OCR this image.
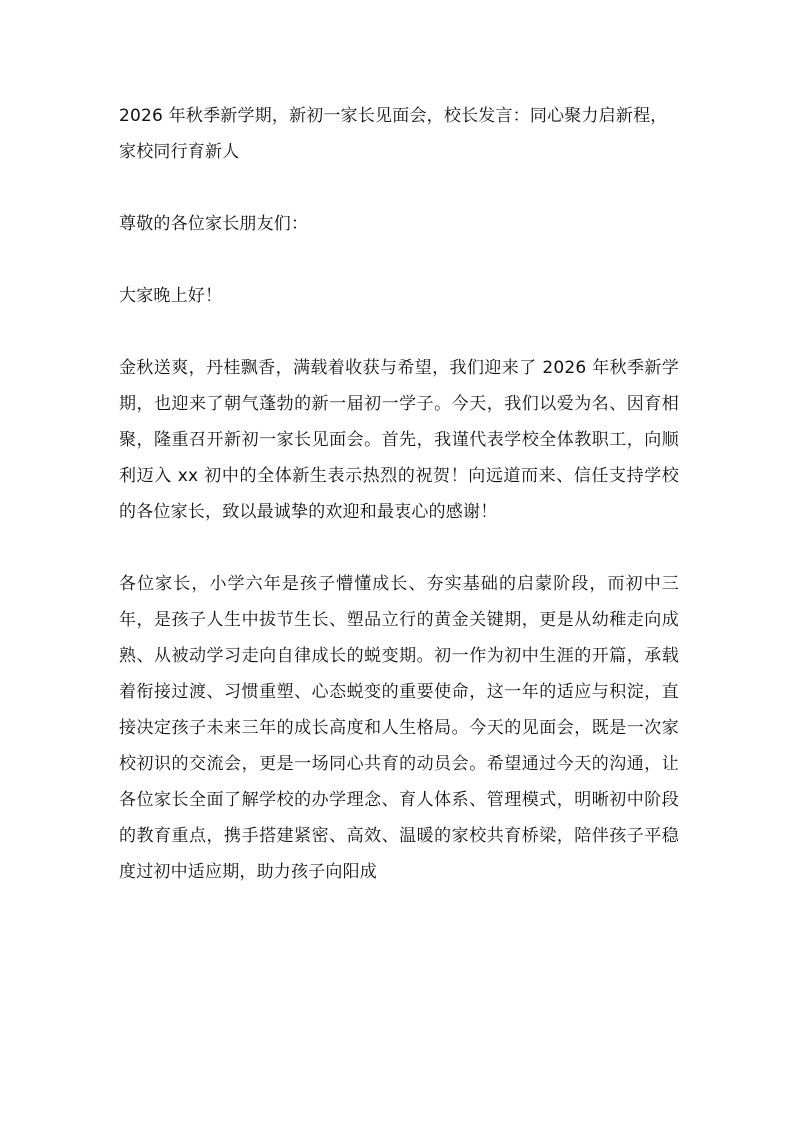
2026 年秋季新学期，新初一家长见面会，校长发言：同心聚力启新程，家校同行育新人

尊敬的各位家长朋友们：

大家晚上好！

金秋送爽，丹桂飘香，满载着收获与希望，我们迎来了 2026 年秋季新学期，也迎来了朝气蓬勃的新一届初一学子。今天，我们以爱为名、因育相聚，隆重召开新初一家长见面会。首先，我谨代表学校全体教职工，向顺利迈入 xx 初中的全体新生表示热烈的祝贺！向远道而来、信任支持学校的各位家长，致以最诚挚的欢迎和最衷心的感谢！

各位家长，小学六年是孩子懵懂成长、夯实基础的启蒙阶段，而初中三年，是孩子人生中拔节生长、塑品立行的黄金关键期，更是从幼稚走向成熟、从被动学习走向自律成长的蜕变期。初一作为初中生涯的开篇，承载着衔接过渡、习惯重塑、心态蜕变的重要使命，这一年的适应与积淀，直接决定孩子未来三年的成长高度和人生格局。今天的见面会，既是一次家校初识的交流会，更是一场同心共育的动员会。希望通过今天的沟通，让各位家长全面了解学校的办学理念、育人体系、管理模式，明晰初中阶段的教育重点，携手搭建紧密、高效、温暖的家校共育桥梁，陪伴孩子平稳度过初中适应期，助力孩子向阳成
